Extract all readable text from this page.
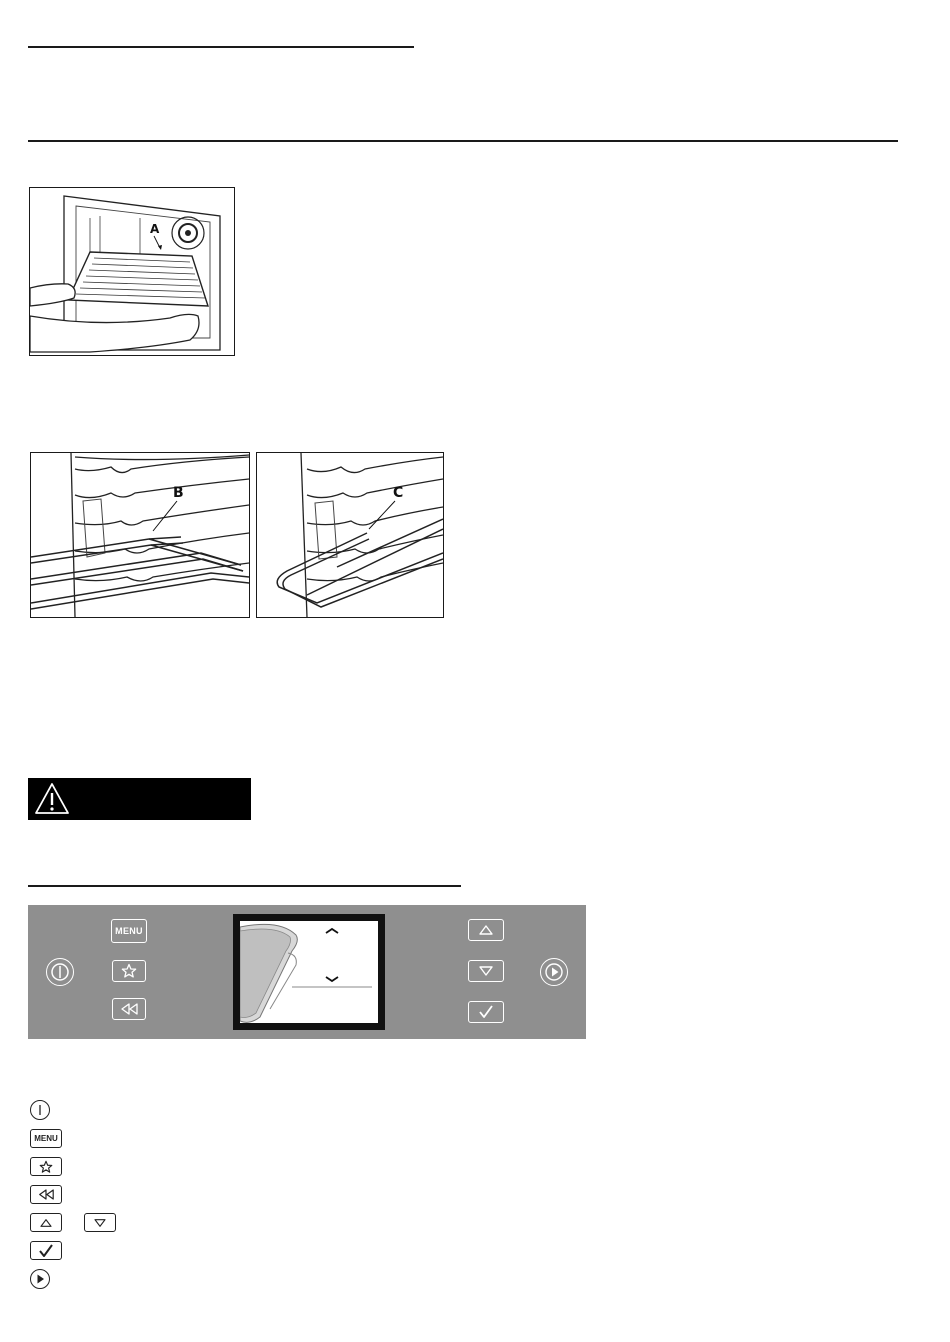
A
B	C
MENU
MENU
